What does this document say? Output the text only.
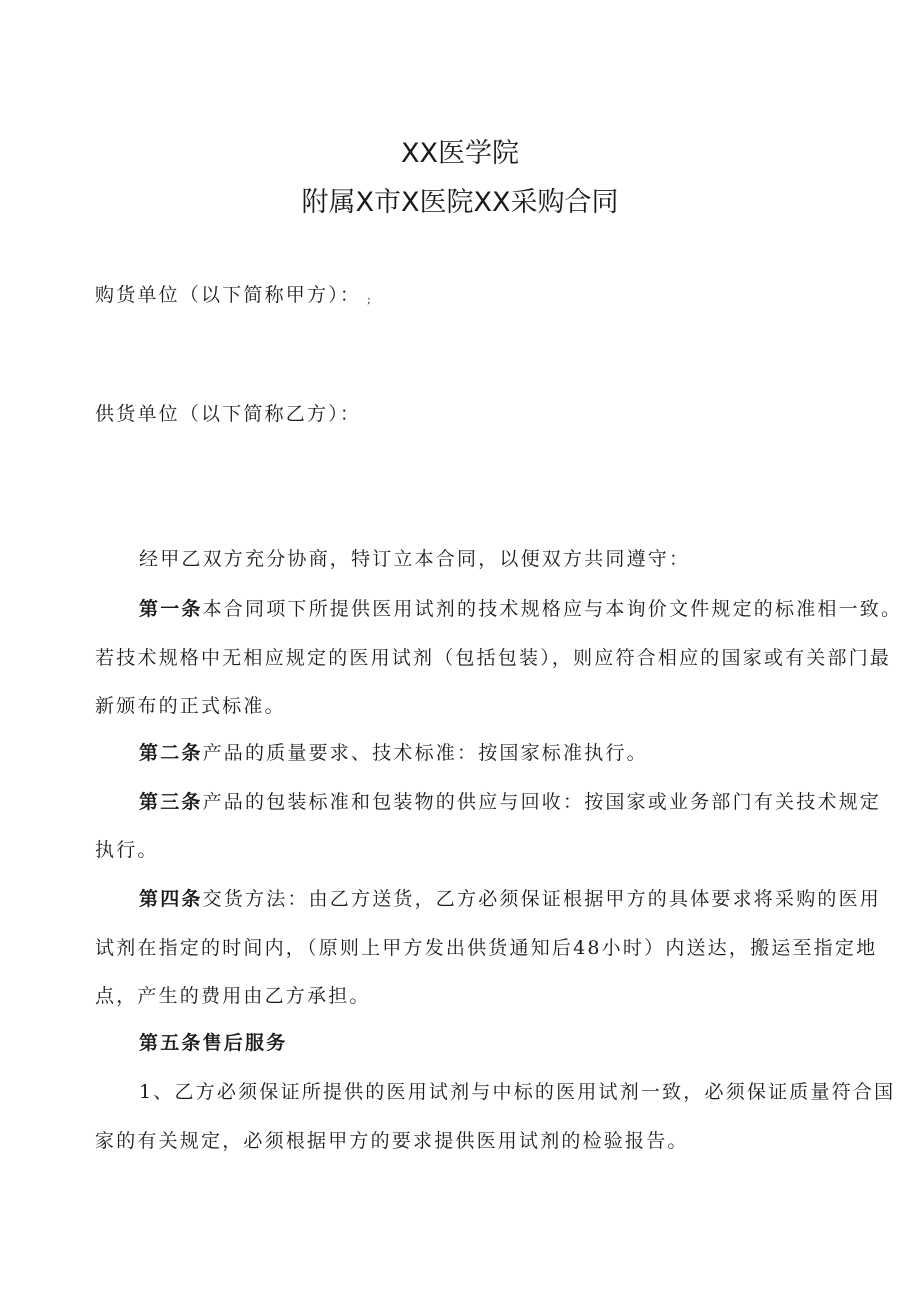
XX医学院
附属X市X医院XX采购合同
购货单位（以下简称甲方）： ;
供货单位（以下简称乙方）：
经甲乙双方充分协商，特订立本合同，以便双方共同遵守：
第一条本合同项下所提供医用试剂的技术规格应与本询价文件规定的标准相一致。
若技术规格中无相应规定的医用试剂（包括包装），则应符合相应的国家或有关部门最
新颁布的正式标准。
第二条产品的质量要求、技术标准：按国家标准执行。
第三条产品的包装标准和包装物的供应与回收：按国家或业务部门有关技术规定
执行。
第四条交货方法：由乙方送货，乙方必须保证根据甲方的具体要求将采购的医用
试剂在指定的时间内，（原则上甲方发出供货通知后48小时）内送达，搬运至指定地
点，产生的费用由乙方承担。
第五条售后服务
1、乙方必须保证所提供的医用试剂与中标的医用试剂一致，必须保证质量符合国
家的有关规定，必须根据甲方的要求提供医用试剂的检验报告。
